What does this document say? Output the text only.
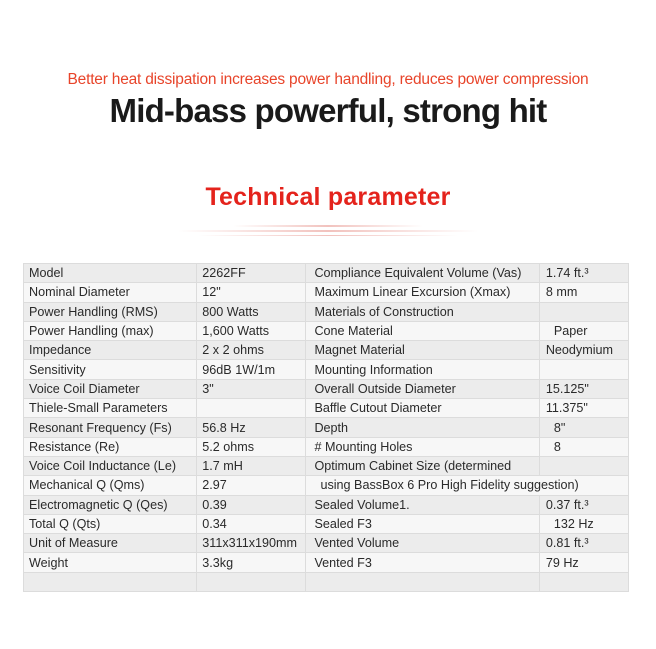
Better heat dissipation increases power handling, reduces power compression
Mid-bass powerful, strong hit
Technical parameter
Model	2262FF	Compliance Equivalent Volume (Vas)	1.74 ft.³
Nominal Diameter	12"	Maximum Linear Excursion (Xmax)	8 mm
Power Handling (RMS)	800 Watts	Materials of Construction	
Power Handling (max)	1,600 Watts	Cone Material	Paper
Impedance	2 x 2 ohms	Magnet Material	Neodymium
Sensitivity	96dB 1W/1m	Mounting Information	
Voice Coil Diameter	3"	Overall Outside Diameter	15.125"
Thiele-Small Parameters		Baffle Cutout Diameter	11.375"
Resonant Frequency (Fs)	56.8 Hz	Depth	8"
Resistance (Re)	5.2 ohms	# Mounting Holes	8
Voice Coil Inductance (Le)	1.7 mH	Optimum Cabinet Size (determined	
Mechanical Q (Qms)	2.97	using BassBox 6 Pro High Fidelity suggestion)	
Electromagnetic Q (Qes)	0.39	Sealed Volume1.	0.37 ft.³
Total Q (Qts)	0.34	Sealed F3	132 Hz
Unit of Measure	311x311x190mm	Vented Volume	0.81 ft.³
Weight	3.3kg	Vented F3	79 Hz
